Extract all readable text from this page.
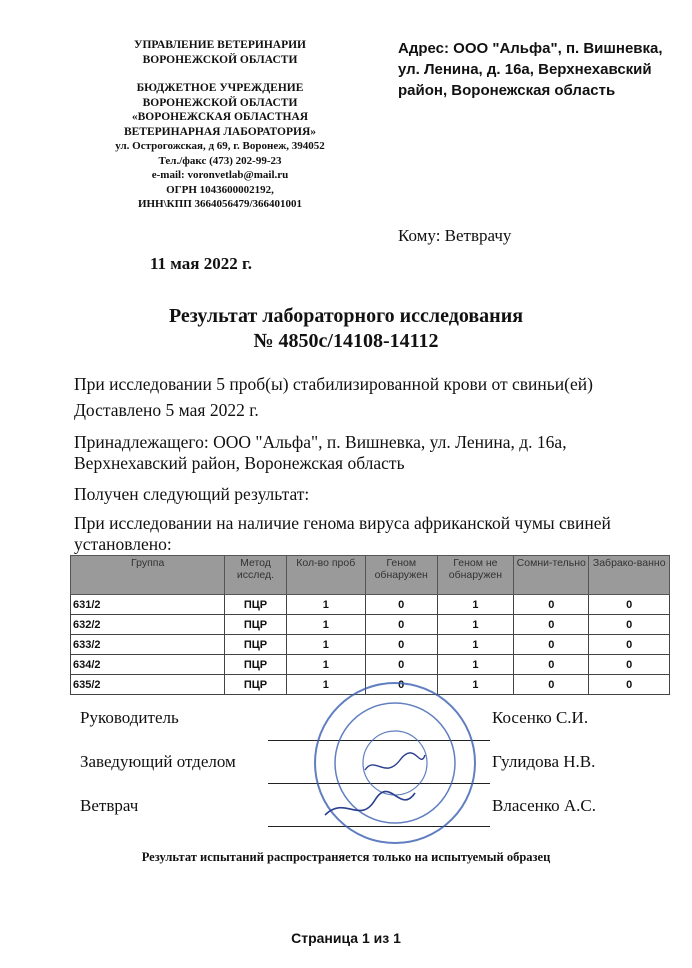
УПРАВЛЕНИЕ ВЕТЕРИНАРИИ
ВОРОНЕЖСКОЙ ОБЛАСТИ
БЮДЖЕТНОЕ УЧРЕЖДЕНИЕ
ВОРОНЕЖСКОЙ ОБЛАСТИ
«ВОРОНЕЖСКАЯ ОБЛАСТНАЯ
ВЕТЕРИНАРНАЯ ЛАБОРАТОРИЯ»
ул. Острогожская, д 69, г. Воронеж, 394052
Тел./факс (473) 202-99-23
e-mail: voronvetlab@mail.ru
ОГРН 1043600002192,
ИНН\КПП 3664056479/366401001
Адрес: ООО "Альфа", п. Вишневка, ул. Ленина, д. 16а, Верхнехавский район, Воронежская область
Кому: Ветврачу
11 мая 2022 г.
Результат лабораторного исследования
№ 4850с/14108-14112
При исследовании 5 проб(ы) стабилизированной крови от свиньи(ей)
Доставлено 5 мая 2022 г.
Принадлежащего: ООО "Альфа", п. Вишневка, ул. Ленина, д. 16а, Верхнехавский район, Воронежская область
Получен следующий результат:
При исследовании на наличие генома вируса африканской чумы свиней установлено:
Группа	Метод исслед.	Кол-во проб	Геном обнаружен	Геном не обнаружен	Сомни-тельно	Забрако-ванно
631/2	ПЦР	1	0	1	0	0
632/2	ПЦР	1	0	1	0	0
633/2	ПЦР	1	0	1	0	0
634/2	ПЦР	1	0	1	0	0
635/2	ПЦР	1	0	1	0	0
Руководитель	Косенко С.И.
Заведующий отделом	Гулидова Н.В.
Ветврач	Власенко А.С.
Результат испытаний распространяется только на испытуемый образец
Страница 1 из 1
